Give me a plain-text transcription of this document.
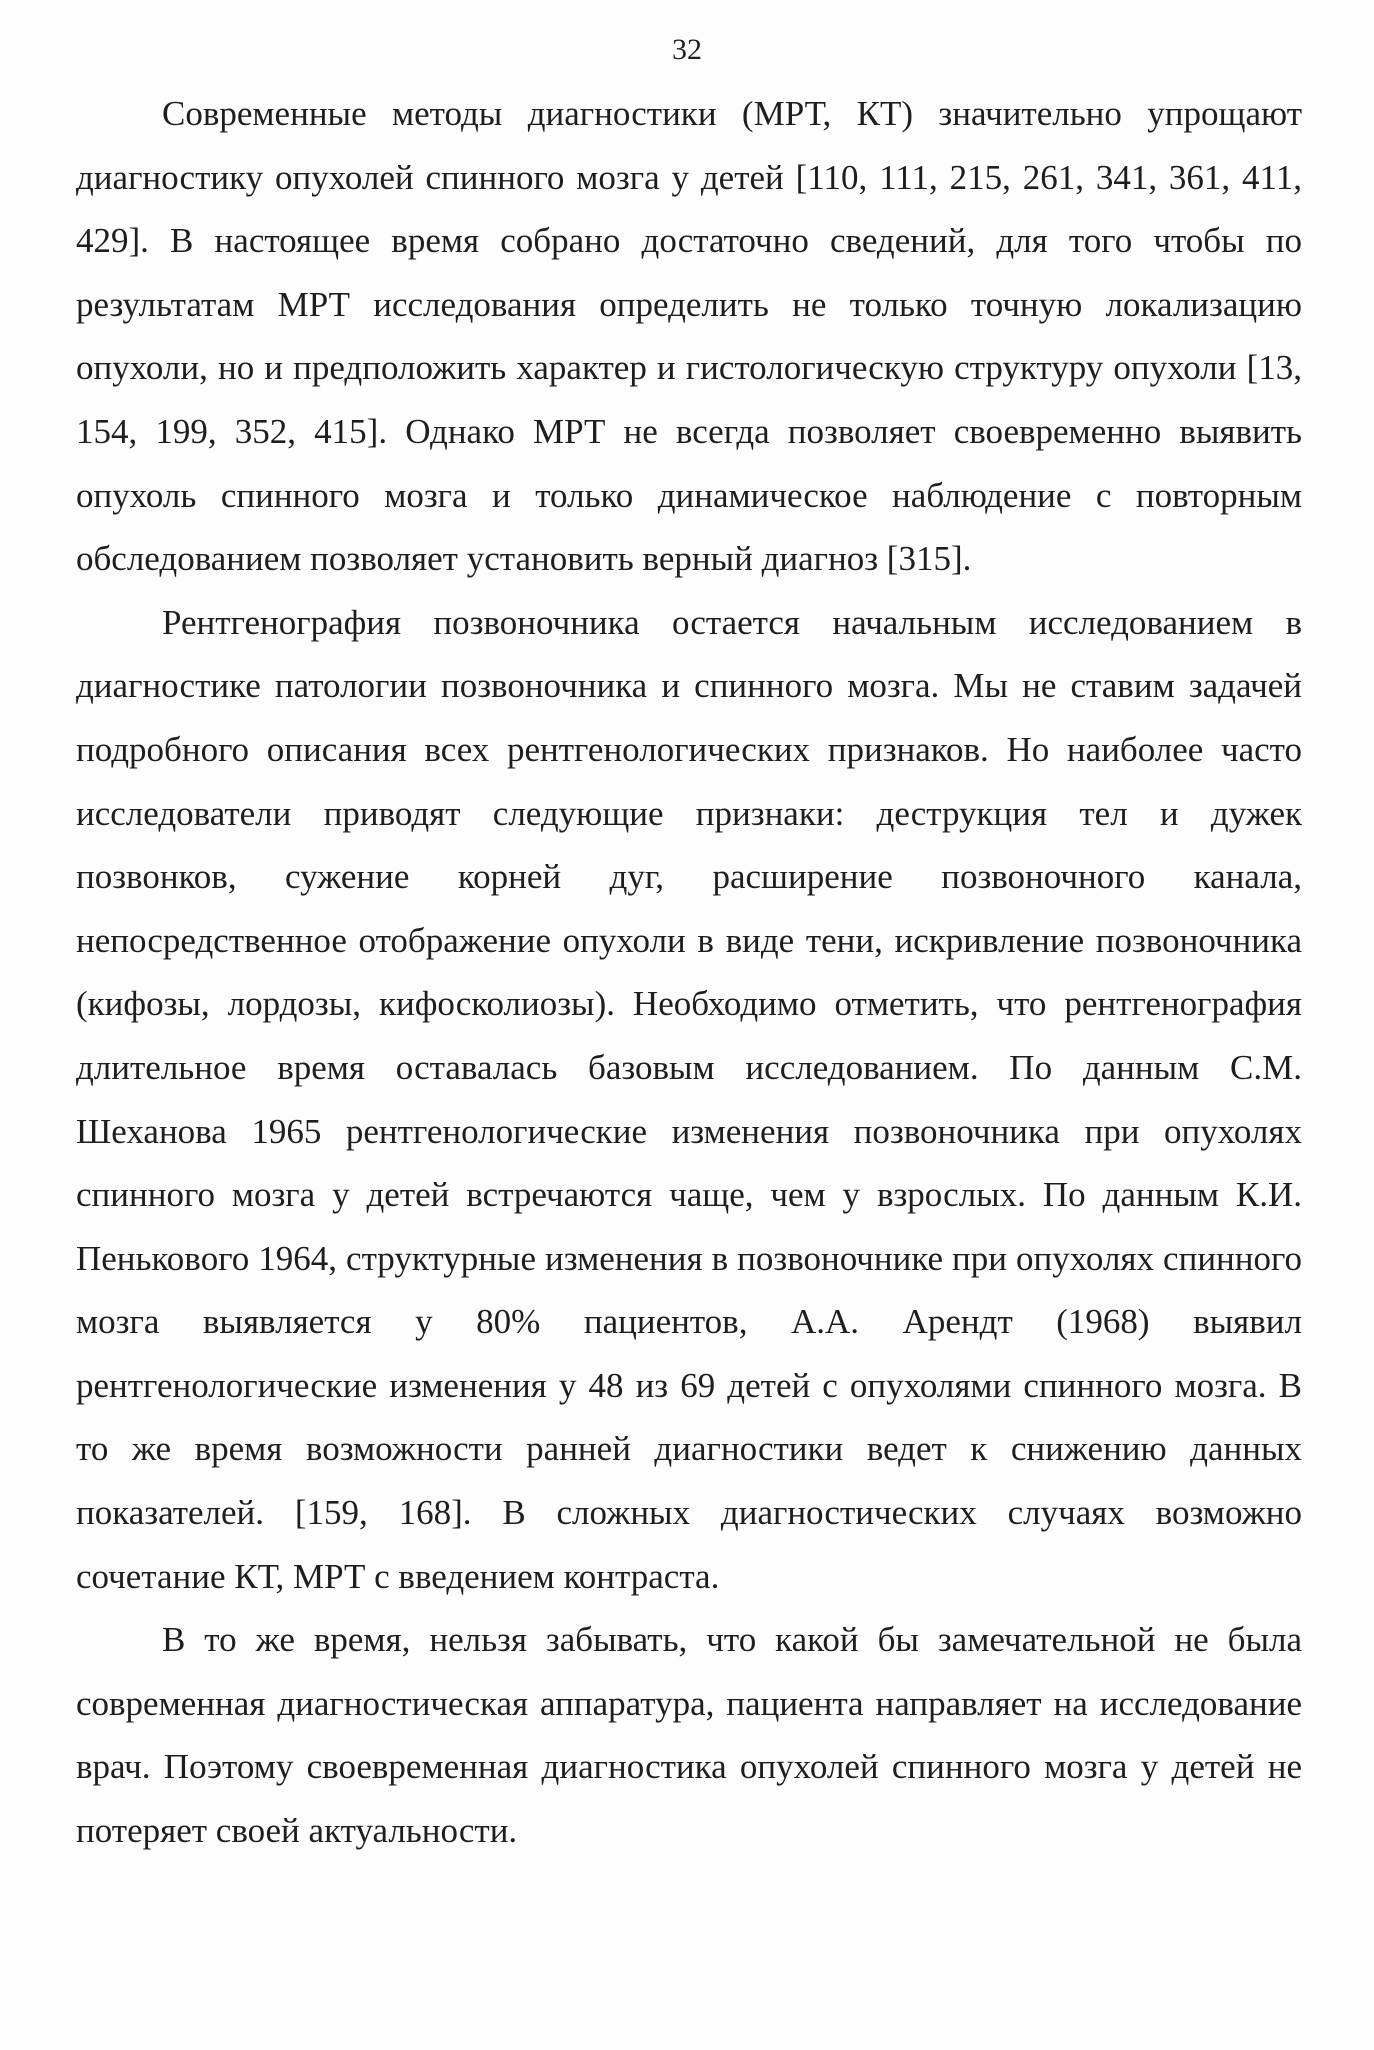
32

Современные методы диагностики (МРТ, КТ) значительно упрощают диагностику опухолей спинного мозга у детей [110, 111, 215, 261, 341, 361, 411, 429]. В настоящее время собрано достаточно сведений, для того чтобы по результатам МРТ исследования определить не только точную локализацию опухоли, но и предположить характер и гистологическую структуру опухоли [13, 154, 199, 352, 415]. Однако МРТ не всегда позволяет своевременно выявить опухоль спинного мозга и только динамическое наблюдение с повторным обследованием позволяет установить верный диагноз [315].

Рентгенография позвоночника остается начальным исследованием в диагностике патологии позвоночника и спинного мозга. Мы не ставим задачей подробного описания всех рентгенологических признаков. Но наиболее часто исследователи приводят следующие признаки: деструкция тел и дужек позвонков, сужение корней дуг, расширение позвоночного канала, непосредственное отображение опухоли в виде тени, искривление позвоночника (кифозы, лордозы, кифосколиозы). Необходимо отметить, что рентгенография длительное время оставалась базовым исследованием. По данным С.М. Шеханова 1965 рентгенологические изменения позвоночника при опухолях спинного мозга у детей встречаются чаще, чем у взрослых. По данным К.И. Пеньковoго 1964, структурные изменения в позвоночнике при опухолях спинного мозга выявляется у 80% пациентов, А.А. Арендт (1968) выявил рентгенологические изменения у 48 из 69 детей с опухолями спинного мозга. В то же время возможности ранней диагностики ведет к снижению данных показателей. [159, 168]. В сложных диагностических случаях возможно сочетание КТ, МРТ с введением контраста.

В то же время, нельзя забывать, что какой бы замечательной не была современная диагностическая аппаратура, пациента направляет на исследование врач. Поэтому своевременная диагностика опухолей спинного мозга у детей не потеряет своей актуальности.
